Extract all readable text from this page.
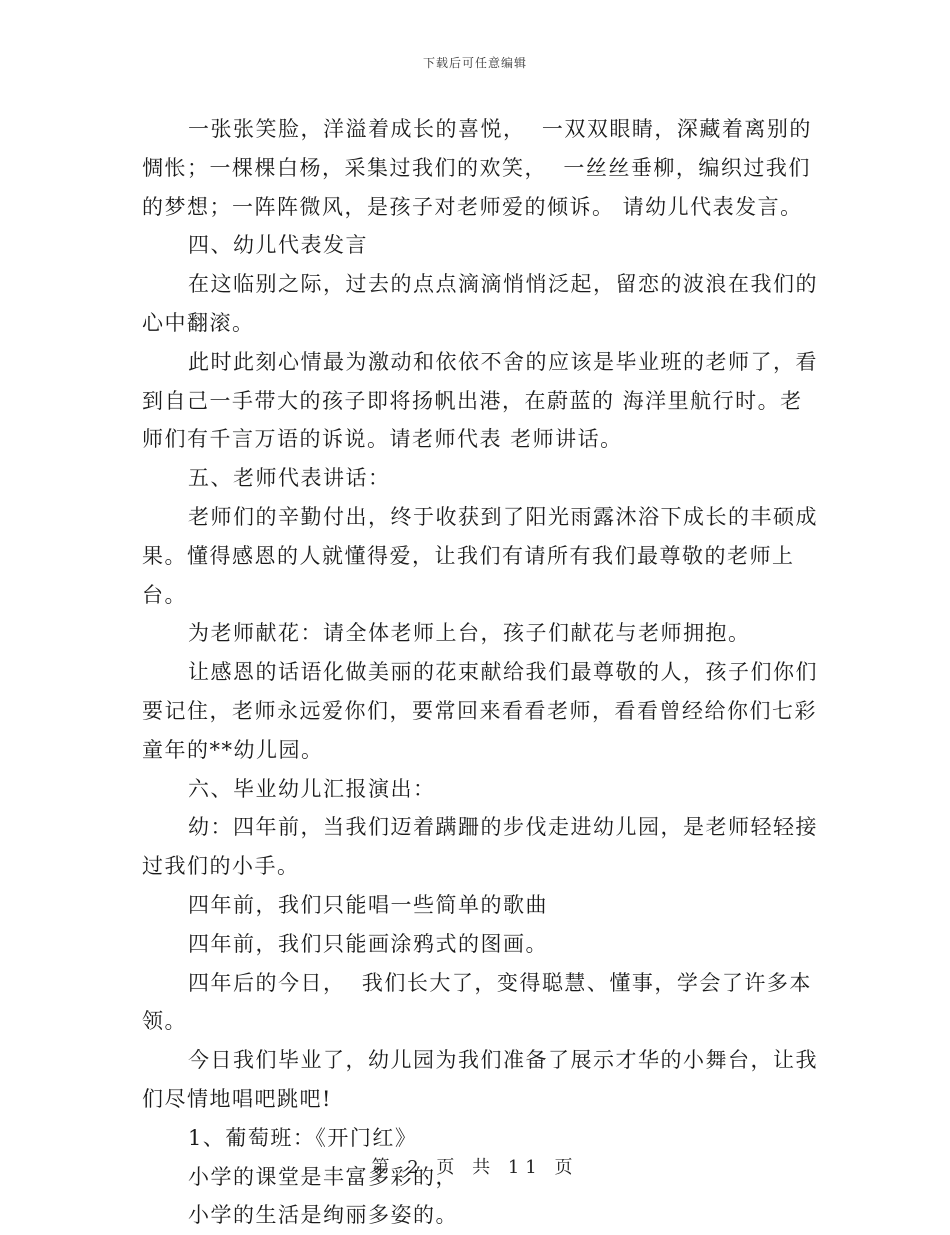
下载后可任意编辑

一张张笑脸，洋溢着成长的喜悦，  一双双眼睛，深藏着离别的惆怅；一棵棵白杨，采集过我们的欢笑，  一丝丝垂柳，编织过我们的梦想；一阵阵微风，是孩子对老师爱的倾诉。 请幼儿代表发言。

四、幼儿代表发言

在这临别之际，过去的点点滴滴悄悄泛起，留恋的波浪在我们的心中翻滚。

此时此刻心情最为激动和依依不舍的应该是毕业班的老师了，看到自己一手带大的孩子即将扬帆出港，在蔚蓝的 海洋里航行时。老师们有千言万语的诉说。请老师代表 老师讲话。

五、老师代表讲话：

老师们的辛勤付出，终于收获到了阳光雨露沐浴下成长的丰硕成果。懂得感恩的人就懂得爱，让我们有请所有我们最尊敬的老师上台。

为老师献花：请全体老师上台，孩子们献花与老师拥抱。

让感恩的话语化做美丽的花束献给我们最尊敬的人，孩子们你们要记住，老师永远爱你们，要常回来看看老师，看看曾经给你们七彩童年的**幼儿园。

六、毕业幼儿汇报演出：

幼：四年前，当我们迈着蹒跚的步伐走进幼儿园，是老师轻轻接过我们的小手。

四年前，我们只能唱一些简单的歌曲

四年前，我们只能画涂鸦式的图画。

四年后的今日，  我们长大了，变得聪慧、懂事，学会了许多本领。

今日我们毕业了，幼儿园为我们准备了展示才华的小舞台，让我们尽情地唱吧跳吧!

1、葡萄班：《开门红》

小学的课堂是丰富多彩的，

小学的生活是绚丽多姿的。

第 2 页 共 11 页
